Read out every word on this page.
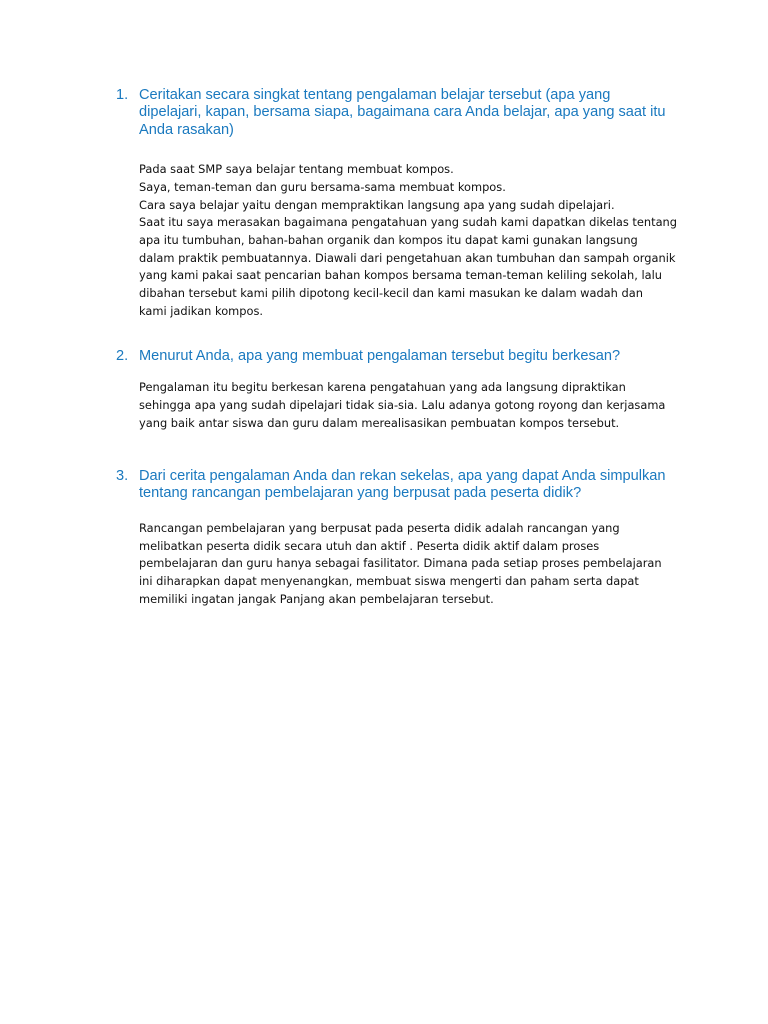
1. Ceritakan secara singkat tentang pengalaman belajar tersebut (apa yang dipelajari, kapan, bersama siapa, bagaimana cara Anda belajar, apa yang saat itu Anda rasakan)

Pada saat SMP saya belajar tentang membuat kompos.

Saya, teman-teman dan guru bersama-sama membuat kompos.

Cara saya belajar yaitu dengan mempraktikan langsung apa yang sudah dipelajari.

Saat itu saya merasakan bagaimana pengatahuan yang sudah kami dapatkan dikelas tentang

apa itu tumbuhan, bahan-bahan organik dan kompos itu dapat kami gunakan langsung

dalam praktik pembuatannya. Diawali dari pengetahuan akan tumbuhan dan sampah organik

yang kami pakai saat pencarian bahan kompos bersama teman-teman keliling sekolah, lalu

dibahan tersebut kami pilih dipotong kecil-kecil dan kami masukan ke dalam wadah dan

kami jadikan kompos.

2. Menurut Anda, apa yang membuat pengalaman tersebut begitu berkesan?

Pengalaman itu begitu berkesan karena pengatahuan yang ada langsung dipraktikan

sehingga apa yang sudah dipelajari tidak sia-sia. Lalu adanya gotong royong dan kerjasama

yang baik antar siswa dan guru dalam merealisasikan pembuatan kompos tersebut.

3. Dari cerita pengalaman Anda dan rekan sekelas, apa yang dapat Anda simpulkan tentang rancangan pembelajaran yang berpusat pada peserta didik?

Rancangan pembelajaran yang berpusat pada peserta didik adalah rancangan yang

melibatkan peserta didik secara utuh dan aktif . Peserta didik aktif dalam proses

pembelajaran dan guru hanya sebagai fasilitator. Dimana pada setiap proses pembelajaran

ini diharapkan dapat menyenangkan, membuat siswa mengerti dan paham serta dapat

memiliki ingatan jangak Panjang akan pembelajaran tersebut.
